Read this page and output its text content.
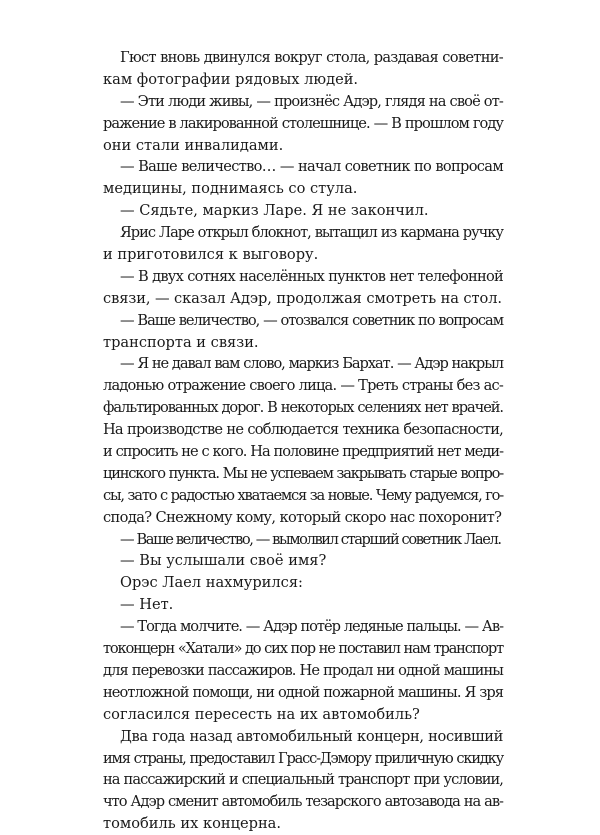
Гюст вновь двинулся вокруг стола, раздавая советни-
кам фотографии рядовых людей.
— Эти люди живы, — произнёс Адэр, глядя на своё от-
ражение в лакированной столешнице. — В прошлом году
они стали инвалидами.
— Ваше величество… — начал советник по вопросам
медицины, поднимаясь со стула.
— Сядьте, маркиз Ларе. Я не закончил.
Ярис Ларе открыл блокнот, вытащил из кармана ручку
и приготовился к выговору.
— В двух сотнях населённых пунктов нет телефонной
связи, — сказал Адэр, продолжая смотреть на стол.
— Ваше величество, — отозвался советник по вопросам
транспорта и связи.
— Я не давал вам слово, маркиз Бархат. — Адэр накрыл
ладонью отражение своего лица. — Треть страны без ас-
фальтированных дорог. В некоторых селениях нет врачей.
На производстве не соблюдается техника безопасности,
и спросить не с кого. На половине предприятий нет меди-
цинского пункта. Мы не успеваем закрывать старые вопро-
сы, зато с радостью хватаемся за новые. Чему радуемся, го-
спода? Снежному кому, который скоро нас похоронит?
— Ваше величество, — вымолвил старший советник Лаел.
— Вы услышали своё имя?
Орэс Лаел нахмурился:
— Нет.
— Тогда молчите. — Адэр потёр ледяные пальцы. — Ав-
токонцерн «Хатали» до сих пор не поставил нам транспорт
для перевозки пассажиров. Не продал ни одной машины
неотложной помощи, ни одной пожарной машины. Я зря
согласился пересесть на их автомобиль?
Два года назад автомобильный концерн, носивший
имя страны, предоставил Грасс-Дэмору приличную скидку
на пассажирский и специальный транспорт при условии,
что Адэр сменит автомобиль тезарского автозавода на ав-
томобиль их концерна.
